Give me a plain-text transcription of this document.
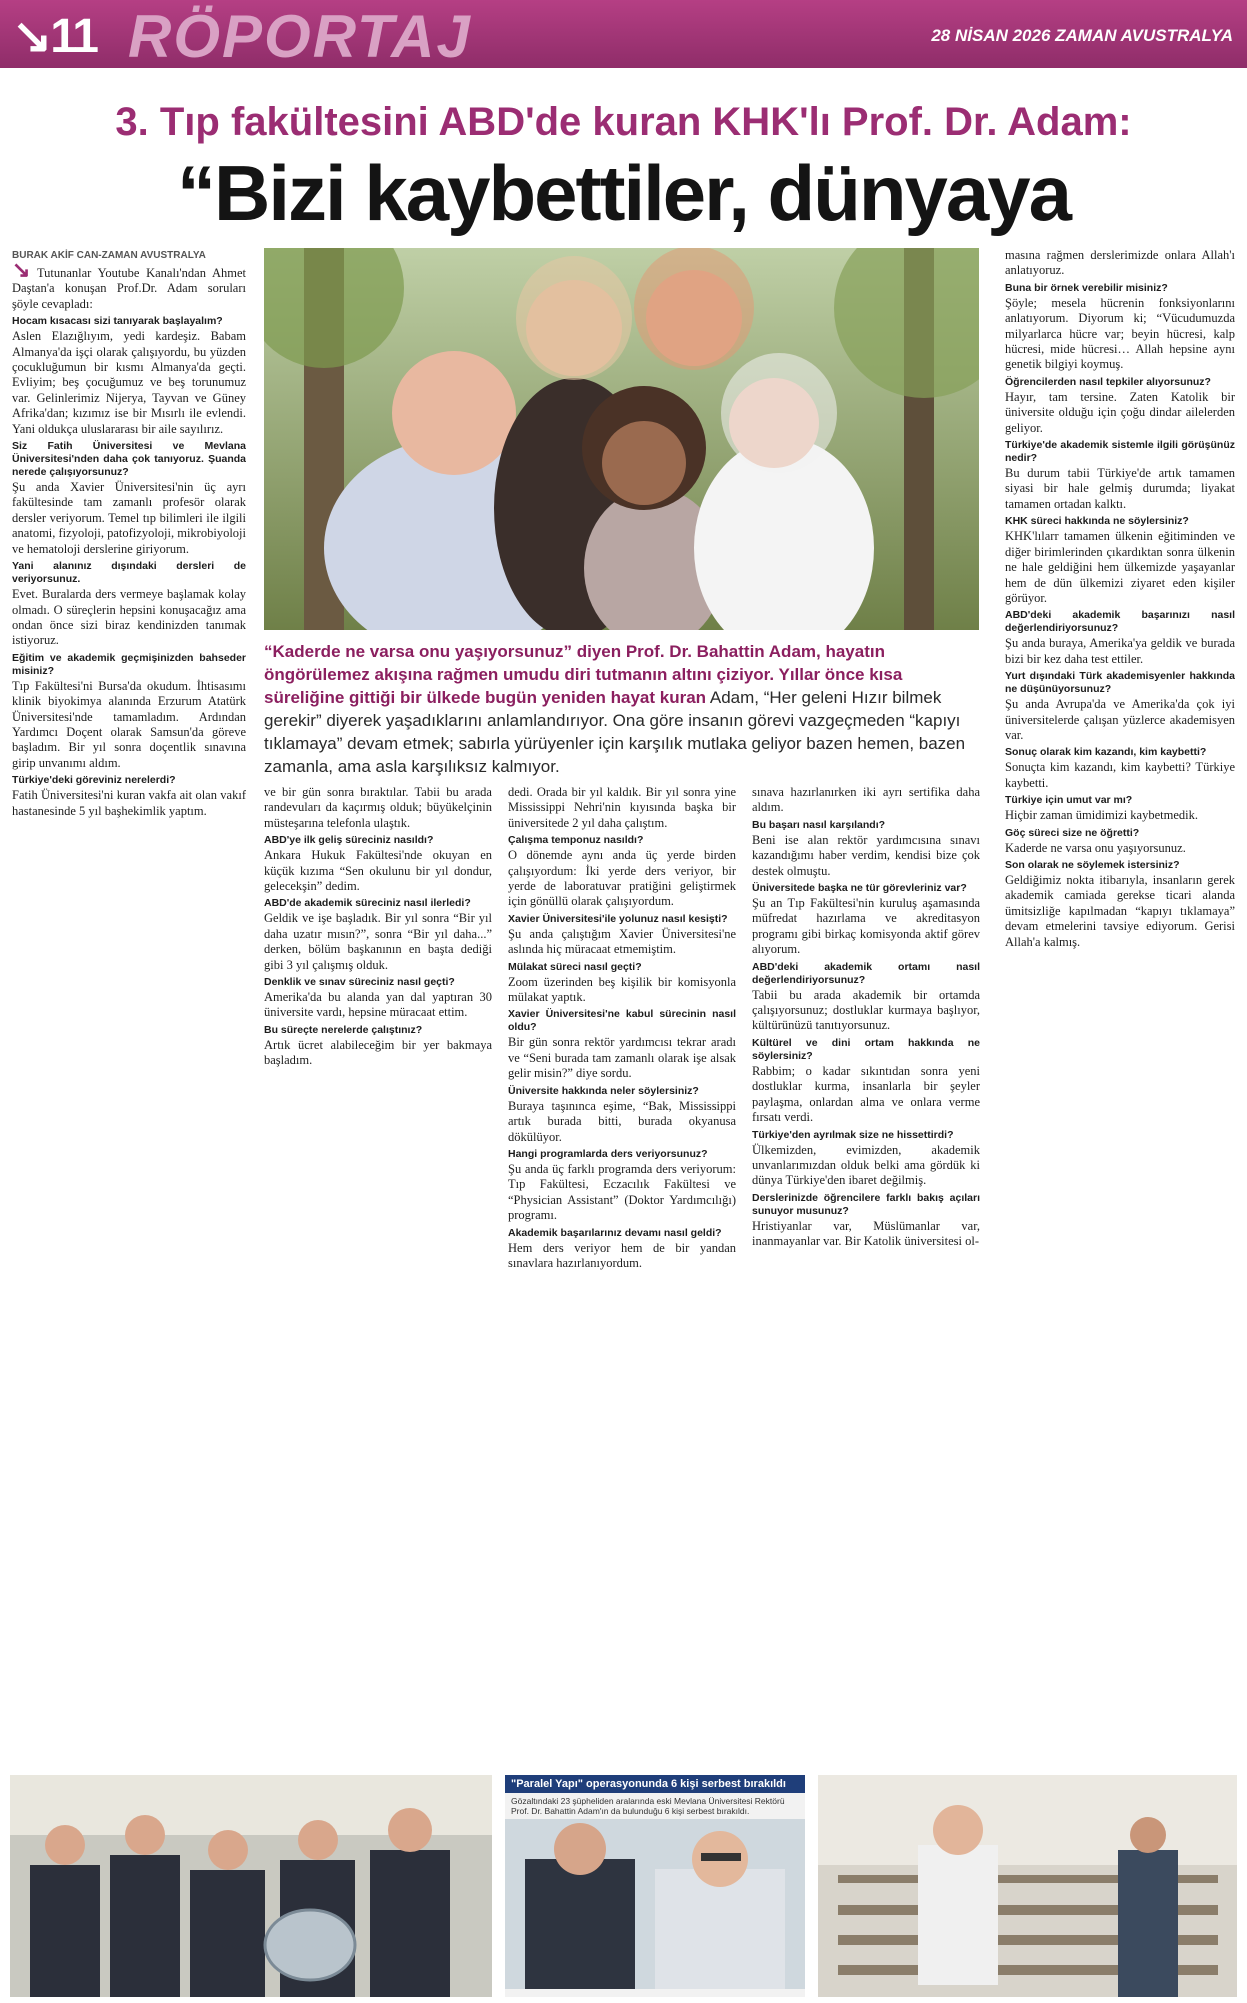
↘11 RÖPORTAJ	28 NİSAN 2026 ZAMAN AVUSTRALYA
3. Tıp fakültesini ABD'de kuran KHK'lı Prof. Dr. Adam:
“Bizi kaybettiler, dünyaya
BURAK AKİF CAN-ZAMAN AVUSTRALYA

↘ Tutunanlar Youtube Kanalı'ndan Ahmet Daştan'a konuşan Prof.Dr. Adam soruları şöyle cevapladı:

Hocam kısacası sizi tanıyarak başlayalım?

Aslen Elazığlıyım, yedi kardeşiz. Babam Almanya'da işçi olarak çalışıyordu, bu yüzden çocukluğumun bir kısmı Almanya'da geçti. Evliyim; beş çocuğumuz ve beş torunumuz var. Gelinlerimiz Nijerya, Tayvan ve Güney Afrika'dan; kızımız ise bir Mısırlı ile evlendi. Yani oldukça uluslararası bir aile sayılırız.

Siz Fatih Üniversitesi ve Mevlana Üniversitesi'nden daha çok tanıyoruz. Şuanda nerede çalışıyorsunuz?

Şu anda Xavier Üniversitesi'nin üç ayrı fakültesinde tam zamanlı profesör olarak dersler veriyorum. Temel tıp bilimleri ile ilgili anatomi, fizyoloji, patofizyoloji, mikrobiyoloji ve hematoloji derslerine giriyorum.

Yani alanınız dışındaki dersleri de veriyorsunuz.

Evet. Buralarda ders vermeye başlamak kolay olmadı. O süreçlerin hepsini konuşacağız ama ondan önce sizi biraz kendinizden tanımak istiyoruz.

Eğitim ve akademik geçmişinizden bahseder misiniz?

Tıp Fakültesi'ni Bursa'da okudum. İhtisasımı klinik biyokimya alanında Erzurum Atatürk Üniversitesi'nde tamamladım. Ardından Yardımcı Doçent olarak Samsun'da göreve başladım. Bir yıl sonra doçentlik sınavına girip unvanımı aldım.

Türkiye'deki göreviniz nerelerdi?

Fatih Üniversitesi'ni kuran vakfa ait olan vakıf hastanesinde 5 yıl başhekimlik yaptım.

“Kaderde ne varsa onu yaşıyorsunuz” diyen Prof. Dr. Bahattin Adam, hayatın öngörülemez akışına rağmen umudu diri tutmanın altını çiziyor. Yıllar önce kısa süreliğine gittiği bir ülkede bugün yeniden hayat kuran Adam, “Her geleni Hızır bilmek gerekir” diyerek yaşadıklarını anlamlandırıyor. Ona göre insanın görevi vazgeçmeden “kapıyı tıklamaya” devam etmek; sabırla yürüyenler için karşılık mutlaka geliyor bazen hemen, bazen zamanla, ama asla karşılıksız kalmıyor.

ve bir gün sonra bıraktılar. Tabii bu arada randevuları da kaçırmış olduk; büyükelçinin müsteşarına telefonla ulaştık.

ABD'ye ilk geliş süreciniz nasıldı?

Ankara Hukuk Fakültesi'nde okuyan en küçük kızıma “Sen okulunu bir yıl dondur, gelecekşin” dedim.

ABD'de akademik süreciniz nasıl ilerledi?

Geldik ve işe başladık. Bir yıl sonra “Bir yıl daha uzatır mısın?”, sonra “Bir yıl daha...” derken, bölüm başkanının en başta dediği gibi 3 yıl çalışmış olduk.

Denklik ve sınav süreciniz nasıl geçti?

Amerika'da bu alanda yan dal yaptıran 30 üniversite vardı, hepsine müracaat ettim.

Bu süreçte nerelerde çalıştınız?

Artık ücret alabileceğim bir yer bakmaya başladım.

dedi. Orada bir yıl kaldık. Bir yıl sonra yine Mississippi Nehri'nin kıyısında başka bir üniversitede 2 yıl daha çalıştım.

Çalışma temponuz nasıldı?

O dönemde aynı anda üç yerde birden çalışıyordum: İki yerde ders veriyor, bir yerde de laboratuvar pratiğini geliştirmek için gönüllü olarak çalışıyordum.

Xavier Üniversitesi'ile yolunuz nasıl kesişti?

Şu anda çalıştığım Xavier Üniversitesi'ne aslında hiç müracaat etmemiştim.

Mülakat süreci nasıl geçti?

Zoom üzerinden beş kişilik bir komisyonla mülakat yaptık.

Xavier Üniversitesi'ne kabul sürecinin nasıl oldu?

Bir gün sonra rektör yardımcısı tekrar aradı ve “Seni burada tam zamanlı olarak işe alsak gelir misin?” diye sordu.

Üniversite hakkında neler söylersiniz?

Buraya taşınınca eşime, “Bak, Mississippi artık burada bitti, burada okyanusa dökülüyor.

Hangi programlarda ders veriyorsunuz?

Şu anda üç farklı programda ders veriyorum: Tıp Fakültesi, Eczacılık Fakültesi ve “Physician Assistant” (Doktor Yardımcılığı) programı.

Akademik başarılarınız devamı nasıl geldi?

Hem ders veriyor hem de bir yandan sınavlara hazırlanıyordum.

sınava hazırlanırken iki ayrı sertifika daha aldım.

Bu başarı nasıl karşılandı?

Beni ise alan rektör yardımcısına sınavı kazandığımı haber verdim, kendisi bize çok destek olmuştu.

Üniversitede başka ne tür görevleriniz var?

Şu an Tıp Fakültesi'nin kuruluş aşamasında müfredat hazırlama ve akreditasyon programı gibi birkaç komisyonda aktif görev alıyorum.

ABD'deki akademik ortamı nasıl değerlendiriyorsunuz?

Tabii bu arada akademik bir ortamda çalışıyorsunuz; dostluklar kurmaya başlıyor, kültürünüzü tanıtıyorsunuz.

Kültürel ve dini ortam hakkında ne söylersiniz?

Rabbim; o kadar sıkıntıdan sonra yeni dostluklar kurma, insanlarla bir şeyler paylaşma, onlardan alma ve onlara verme fırsatı verdi.

Türkiye'den ayrılmak size ne hissettirdi?

Ülkemizden, evimizden, akademik unvanlarımızdan olduk belki ama gördük ki dünya Türkiye'den ibaret değilmiş.

Derslerinizde öğrencilere farklı bakış açıları sunuyor musunuz?

Hristiyanlar var, Müslümanlar var, inanmayanlar var. Bir Katolik üniversitesi ol-

masına rağmen derslerimizde onlara Allah'ı anlatıyoruz.

Buna bir örnek verebilir misiniz?

Şöyle; mesela hücrenin fonksiyonlarını anlatıyorum. Diyorum ki; “Vücudumuzda milyarlarca hücre var; beyin hücresi, kalp hücresi, mide hücresi… Allah hepsine aynı genetik bilgiyi koymuş.

Öğrencilerden nasıl tepkiler alıyorsunuz?

Hayır, tam tersine. Zaten Katolik bir üniversite olduğu için çoğu dindar ailelerden geliyor.

Türkiye'de akademik sistemle ilgili görüşünüz nedir?

Bu durum tabii Türkiye'de artık tamamen siyasi bir hale gelmiş durumda; liyakat tamamen ortadan kalktı.

KHK süreci hakkında ne söylersiniz?

KHK'lılarr tamamen ülkenin eğitiminden ve diğer birimlerinden çıkardıktan sonra ülkenin ne hale geldiğini hem ülkemizde yaşayanlar hem de dün ülkemizi ziyaret eden kişiler görüyor.

ABD'deki akademik başarınızı nasıl değerlendiriyorsunuz?

Şu anda buraya, Amerika'ya geldik ve burada bizi bir kez daha test ettiler.

Yurt dışındaki Türk akademisyenler hakkında ne düşünüyorsunuz?

Şu anda Avrupa'da ve Amerika'da çok iyi üniversitelerde çalışan yüzlerce akademisyen var.

Sonuç olarak kim kazandı, kim kaybetti?

Sonuçta kim kazandı, kim kaybetti? Türkiye kaybetti.

Türkiye için umut var mı?

Hiçbir zaman ümidimizi kaybetmedik.

Göç süreci size ne öğretti?

Kaderde ne varsa onu yaşıyorsunuz.

Son olarak ne söylemek istersiniz?

Geldiğimiz nokta itibarıyla, insanların gerek akademik camiada gerekse ticari alanda ümitsizliğe kapılmadan “kapıyı tıklamaya” devam etmelerini tavsiye ediyorum. Gerisi Allah'a kalmış.

"Paralel Yapı" operasyonunda 6 kişi serbest bırakıldı
Gözaltındaki 23 şüpheliden aralarında eski Mevlana Üniversitesi Rektörü Prof. Dr. Bahattin Adam'ın da bulunduğu 6 kişi serbest bırakıldı.
